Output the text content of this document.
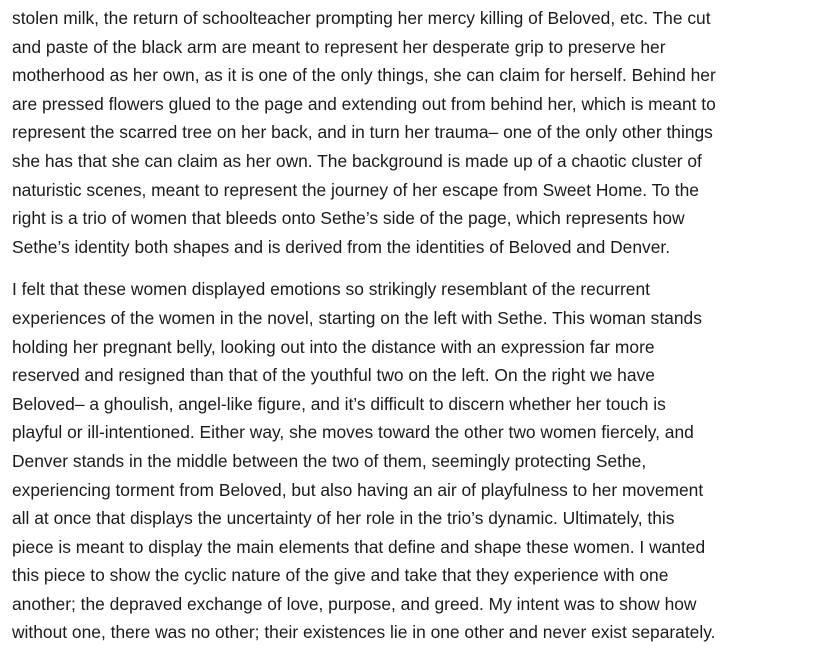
stolen milk, the return of schoolteacher prompting her mercy killing of Beloved, etc. The cut
and paste of the black arm are meant to represent her desperate grip to preserve her
motherhood as her own, as it is one of the only things, she can claim for herself. Behind her
are pressed flowers glued to the page and extending out from behind her, which is meant to
represent the scarred tree on her back, and in turn her trauma– one of the only other things
she has that she can claim as her own. The background is made up of a chaotic cluster of
naturistic scenes, meant to represent the journey of her escape from Sweet Home. To the
right is a trio of women that bleeds onto Sethe’s side of the page, which represents how
Sethe’s identity both shapes and is derived from the identities of Beloved and Denver.

I felt that these women displayed emotions so strikingly resemblant of the recurrent
experiences of the women in the novel, starting on the left with Sethe. This woman stands
holding her pregnant belly, looking out into the distance with an expression far more
reserved and resigned than that of the youthful two on the left. On the right we have
Beloved– a ghoulish, angel-like figure, and it’s difficult to discern whether her touch is
playful or ill-intentioned. Either way, she moves toward the other two women fiercely, and
Denver stands in the middle between the two of them, seemingly protecting Sethe,
experiencing torment from Beloved, but also having an air of playfulness to her movement
all at once that displays the uncertainty of her role in the trio’s dynamic. Ultimately, this
piece is meant to display the main elements that define and shape these women. I wanted
this piece to show the cyclic nature of the give and take that they experience with one
another; the depraved exchange of love, purpose, and greed. My intent was to show how
without one, there was no other; their existences lie in one other and never exist separately.
